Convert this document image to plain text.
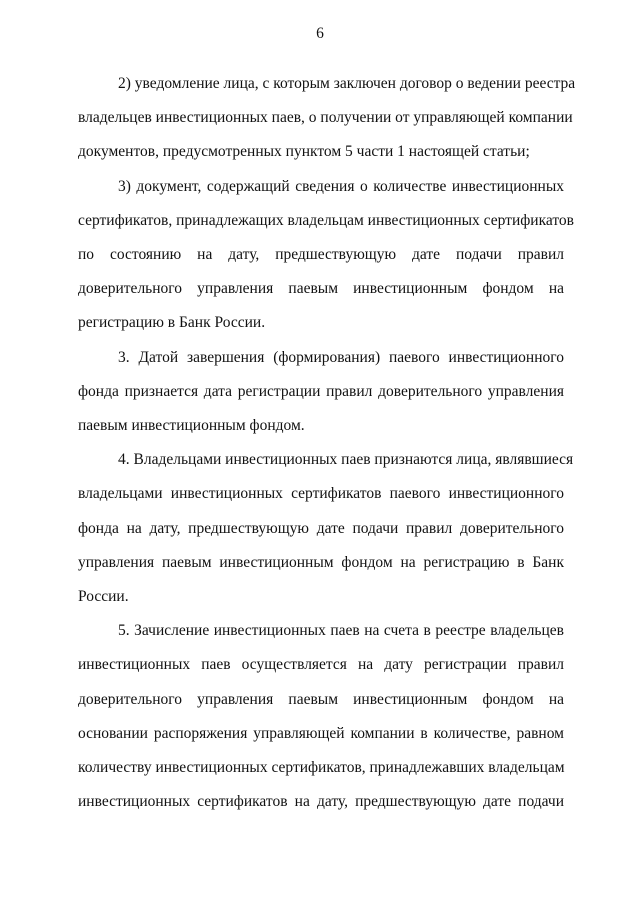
6
2) уведомление лица, с которым заключен договор о ведении реестра
владельцев инвестиционных паев, о получении от управляющей компании
документов, предусмотренных пунктом 5 части 1 настоящей статьи;
3) документ, содержащий сведения о количестве инвестиционных
сертификатов, принадлежащих владельцам инвестиционных сертификатов
по состоянию на дату, предшествующую дате подачи правил
доверительного управления паевым инвестиционным фондом на
регистрацию в Банк России.
3. Датой завершения (формирования) паевого инвестиционного
фонда признается дата регистрации правил доверительного управления
паевым инвестиционным фондом.
4. Владельцами инвестиционных паев признаются лица, являвшиеся
владельцами инвестиционных сертификатов паевого инвестиционного
фонда на дату, предшествующую дате подачи правил доверительного
управления паевым инвестиционным фондом на регистрацию в Банк
России.
5. Зачисление инвестиционных паев на счета в реестре владельцев
инвестиционных паев осуществляется на дату регистрации правил
доверительного управления паевым инвестиционным фондом на
основании распоряжения управляющей компании в количестве, равном
количеству инвестиционных сертификатов, принадлежавших владельцам
инвестиционных сертификатов на дату, предшествующую дате подачи
